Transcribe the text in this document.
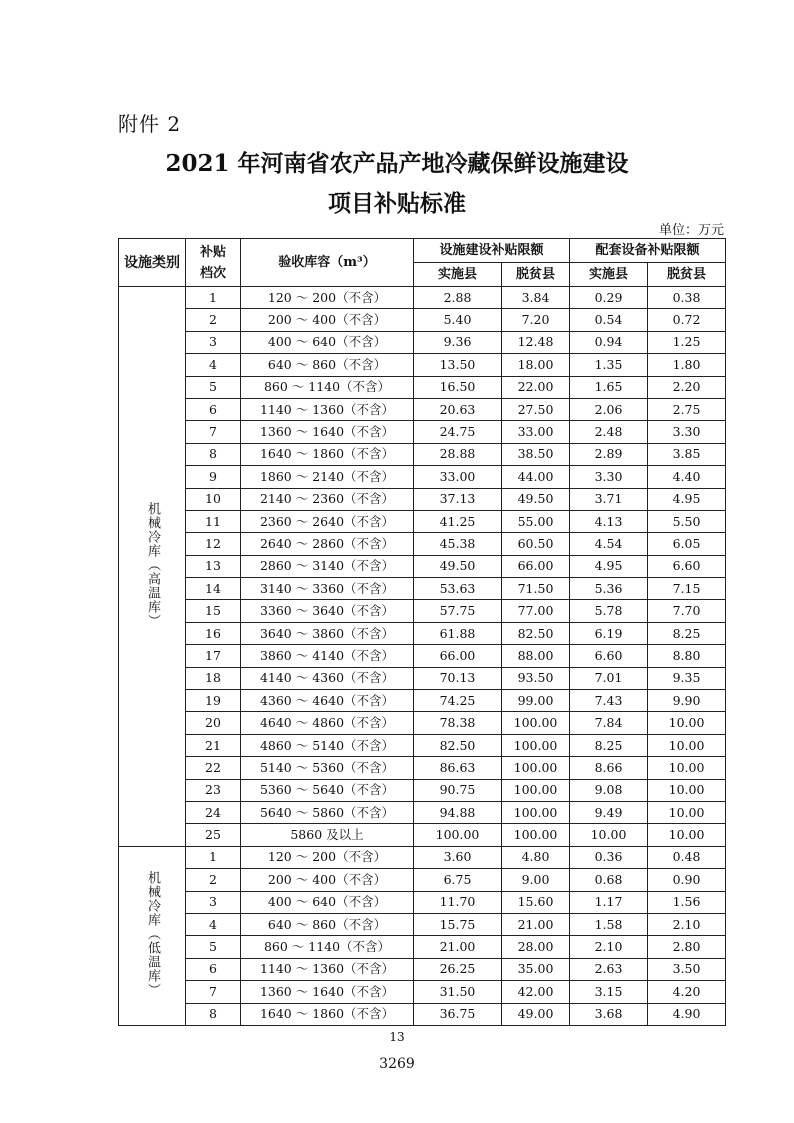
附件 2
2021 年河南省农产品产地冷藏保鲜设施建设
项目补贴标准
单位：万元
设施类别	补贴档次	验收库容（m³）	设施建设补贴限额		配套设备补贴限额	
			实施县	脱贫县	实施县	脱贫县
机械冷库（高温库）	1	120 ～ 200（不含）	2.88	3.84	0.29	0.38
	2	200 ～ 400（不含）	5.40	7.20	0.54	0.72
	3	400 ～ 640（不含）	9.36	12.48	0.94	1.25
	4	640 ～ 860（不含）	13.50	18.00	1.35	1.80
	5	860 ～ 1140（不含）	16.50	22.00	1.65	2.20
	6	1140 ～ 1360（不含）	20.63	27.50	2.06	2.75
	7	1360 ～ 1640（不含）	24.75	33.00	2.48	3.30
	8	1640 ～ 1860（不含）	28.88	38.50	2.89	3.85
	9	1860 ～ 2140（不含）	33.00	44.00	3.30	4.40
	10	2140 ～ 2360（不含）	37.13	49.50	3.71	4.95
	11	2360 ～ 2640（不含）	41.25	55.00	4.13	5.50
	12	2640 ～ 2860（不含）	45.38	60.50	4.54	6.05
	13	2860 ～ 3140（不含）	49.50	66.00	4.95	6.60
	14	3140 ～ 3360（不含）	53.63	71.50	5.36	7.15
	15	3360 ～ 3640（不含）	57.75	77.00	5.78	7.70
	16	3640 ～ 3860（不含）	61.88	82.50	6.19	8.25
	17	3860 ～ 4140（不含）	66.00	88.00	6.60	8.80
	18	4140 ～ 4360（不含）	70.13	93.50	7.01	9.35
	19	4360 ～ 4640（不含）	74.25	99.00	7.43	9.90
	20	4640 ～ 4860（不含）	78.38	100.00	7.84	10.00
	21	4860 ～ 5140（不含）	82.50	100.00	8.25	10.00
	22	5140 ～ 5360（不含）	86.63	100.00	8.66	10.00
	23	5360 ～ 5640（不含）	90.75	100.00	9.08	10.00
	24	5640 ～ 5860（不含）	94.88	100.00	9.49	10.00
	25	5860 及以上	100.00	100.00	10.00	10.00
机械冷库（低温库）	1	120 ～ 200（不含）	3.60	4.80	0.36	0.48
	2	200 ～ 400（不含）	6.75	9.00	0.68	0.90
	3	400 ～ 640（不含）	11.70	15.60	1.17	1.56
	4	640 ～ 860（不含）	15.75	21.00	1.58	2.10
	5	860 ～ 1140（不含）	21.00	28.00	2.10	2.80
	6	1140 ～ 1360（不含）	26.25	35.00	2.63	3.50
	7	1360 ～ 1640（不含）	31.50	42.00	3.15	4.20
	8	1640 ～ 1860（不含）	36.75	49.00	3.68	4.90
13
3269
